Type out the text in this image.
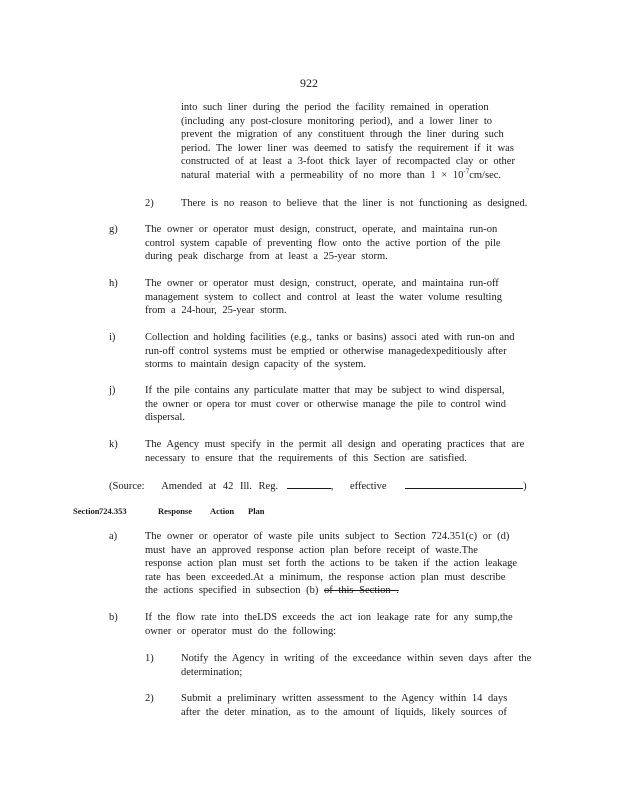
922

into such liner during the period the facility remained in operation

(including any post-closure monitoring period), and a lower liner to

prevent the migration of any constituent through the liner during such

period. The lower liner was deemed to satisfy the requirement if it was

constructed of at least a 3-foot thick layer of recompacted clay or other

natural material with a permeability of no more than $1 \times 10^{-7}cm/\sec$.

2)	There is no reason to believe that the liner is not functioning as designed.

g)	The owner or operator must design, construct, operate, and maintaina run-on

control system capable of preventing flow onto the active portion of the pile

during peak discharge from at least a 25-year storm.

h)	The owner or operator must design, construct, operate, and maintaina run-off

management system to collect and control at least the water volume resulting

from a 24-hour, 25-year storm.

i)	Collection and holding facilities (e.g., tanks or basins) associ ated with run-on and

run-off control systems must be emptied or otherwise managedexpeditiously after

storms to maintain design capacity of the system.

j)	If the pile contains any particulate matter that may be subject to wind dispersal,

the owner or opera tor must cover or otherwise manage the pile to control wind

dispersal.

k)	The Agency must specify in the permit all design and operating practices that are

necessary to ensure that the requirements of this Section are satisfied.

(Source: Amended at 42 Ill. Reg.	, effective	)

Section 724.353	Response Action Plan
a)	The owner or operator of waste pile units subject to Section 724.351(c) or (d)

must have an approved response action plan before receipt of waste.The

response action plan must set forth the actions to be taken if the action leakage

rate has been exceeded.At a minimum, the response action plan must describe

the actions specified in subsection (b) of this Section .

b)	If the flow rate into theLDS exceeds the act ion leakage rate for any sump,the

owner or operator must do the following:

1)	Notify the Agency in writing of the exceedance within seven days after the

determination;

2)	Submit a preliminary written assessment to the Agency within 14 days

after the deter mination, as to the amount of liquids, likely sources of
